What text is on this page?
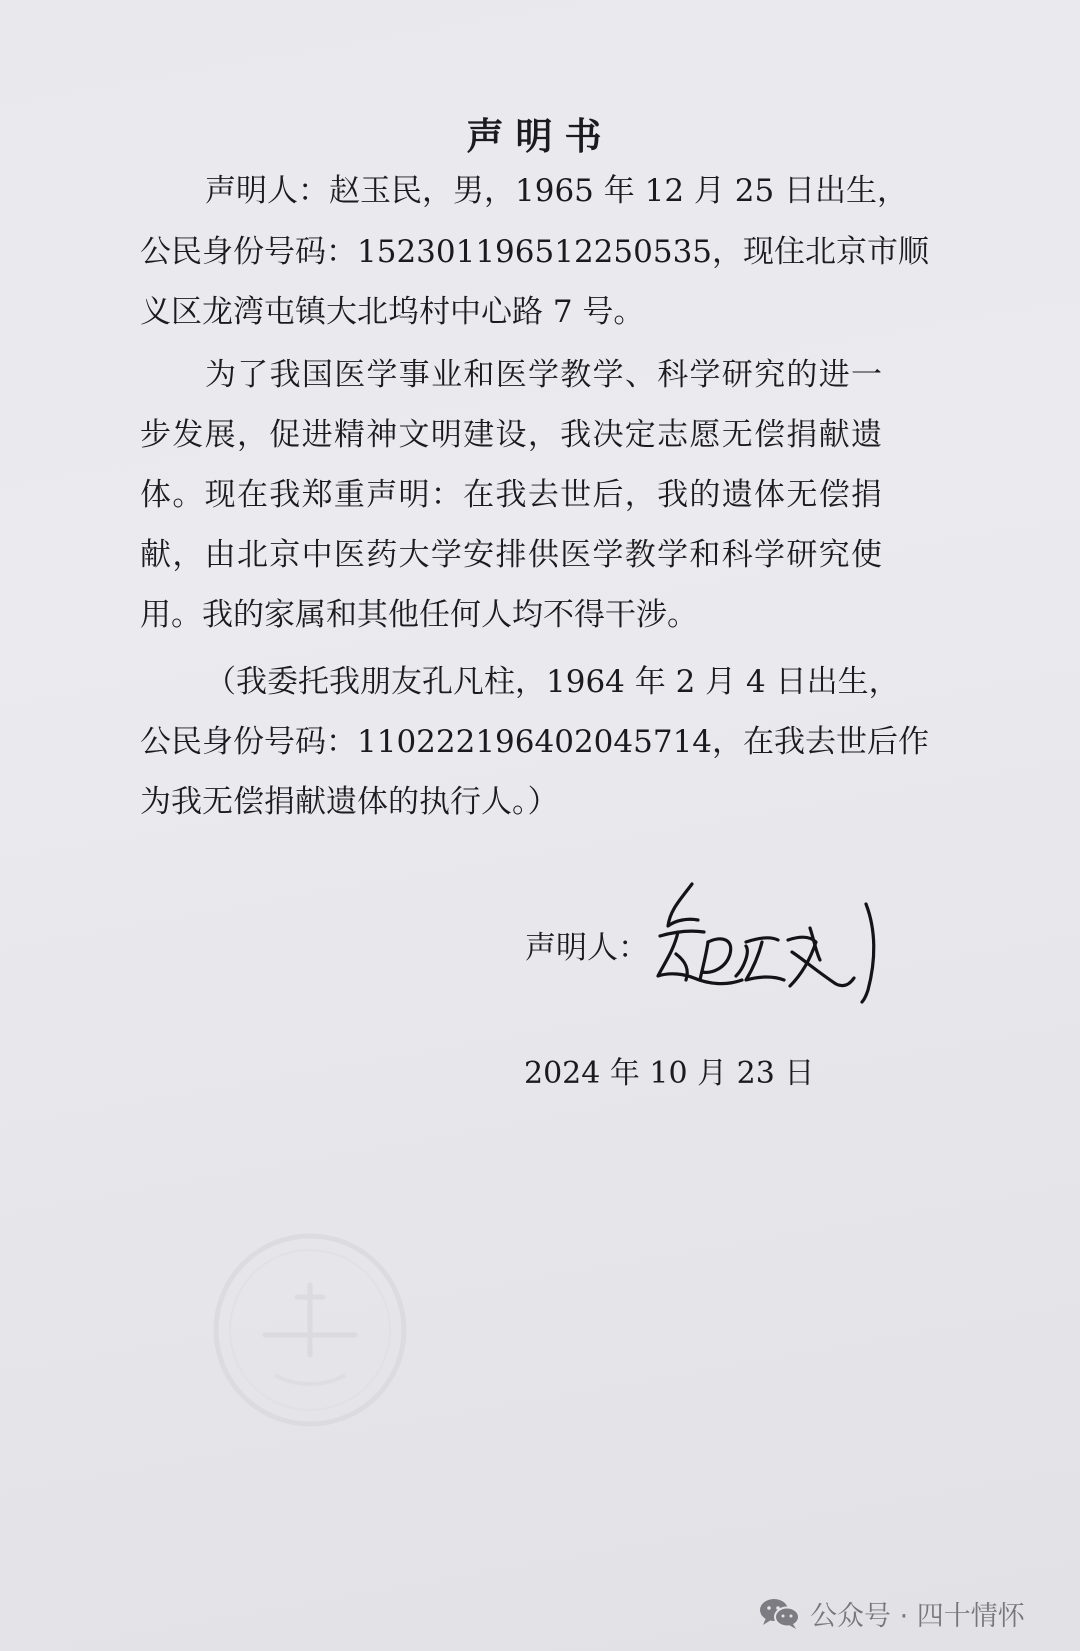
声明书

声明人：赵玉民，男，1965 年 12 月 25 日出生，

公民身份号码：152301196512250535，现住北京市顺

义区龙湾屯镇大北坞村中心路 7 号。

为了我国医学事业和医学教学、科学研究的进一

步发展，促进精神文明建设，我决定志愿无偿捐献遗

体。现在我郑重声明：在我去世后，我的遗体无偿捐

献，由北京中医药大学安排供医学教学和科学研究使

用。我的家属和其他任何人均不得干涉。

（我委托我朋友孔凡柱，1964 年 2 月 4 日出生，

公民身份号码：110222196402045714，在我去世后作

为我无偿捐献遗体的执行人。）

声明人：

2024 年 10 月 23 日

公众号 · 四十情怀
